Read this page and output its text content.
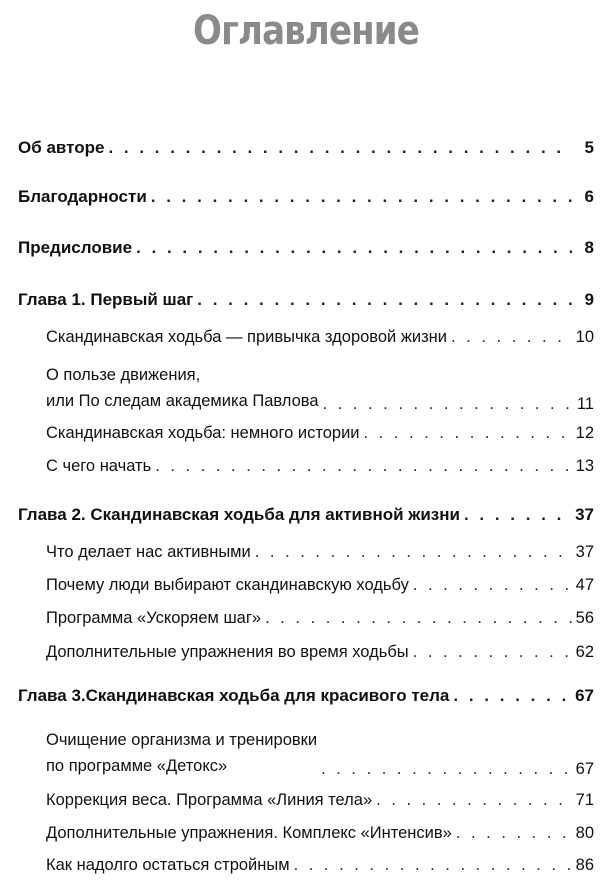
Оглавление
Об авторе . . .	5
Благодарности . . .	6
Предисловие . . .	8
Глава 1. Первый шаг . . .	9
Скандинавская ходьба — привычка здоровой жизни . . .	10
О пользе движения,
или По следам академика Павлова . . .	11
Скандинавская ходьба: немного истории . . .	12
С чего начать . . .	13
Глава 2. Скандинавская ходьба для активной жизни . . .	37
Что делает нас активными . . .	37
Почему люди выбирают скандинавскую ходьбу . . .	47
Программа «Ускоряем шаг» . . .	56
Дополнительные упражнения во время ходьбы . . .	62
Глава 3.Скандинавская ходьба для красивого тела . . .	67
Очищение организма и тренировки
по программе «Детокс» . . .	67
Коррекция веса. Программа «Линия тела» . . .	71
Дополнительные упражнения. Комплекс «Интенсив» . . .	80
Как надолго остаться стройным . . .	86
